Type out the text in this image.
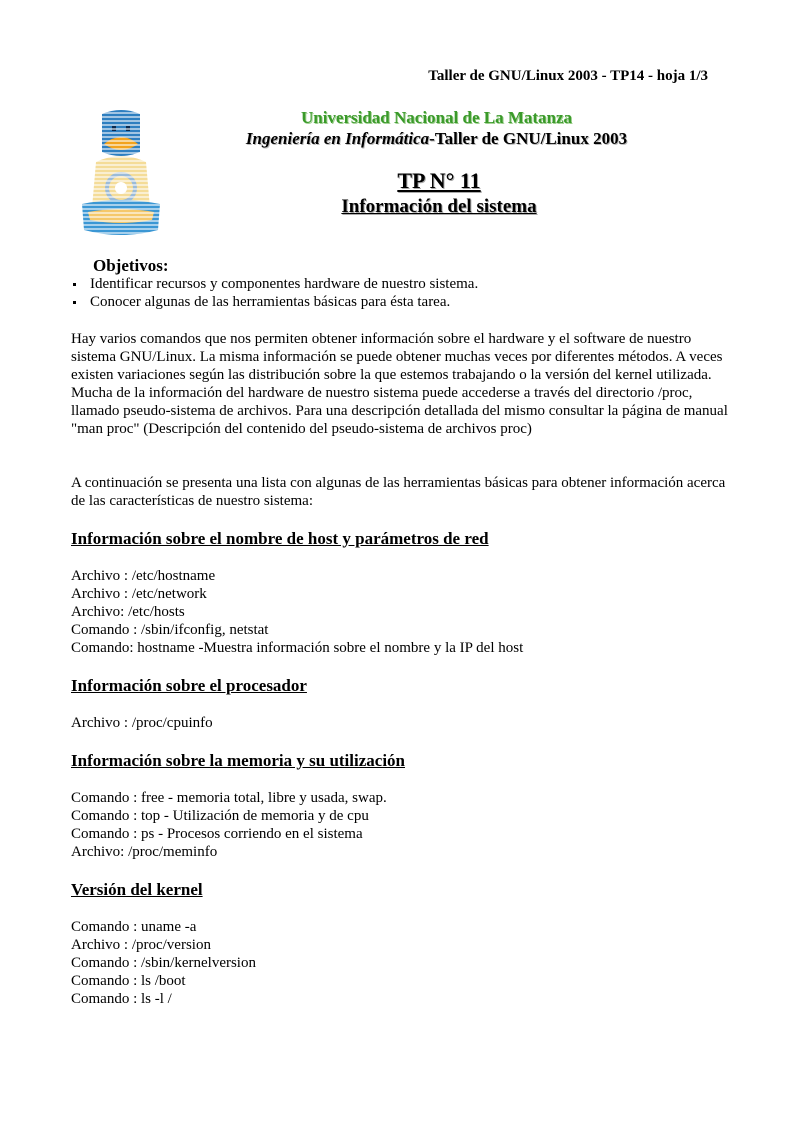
Taller de GNU/Linux 2003 - TP14 - hoja 1/3
Universidad Nacional de La Matanza
Ingeniería en Informática-Taller de GNU/Linux 2003
TP N° 11
Información del sistema
Objetivos:
Identificar recursos y componentes hardware de nuestro sistema.
Conocer algunas de las herramientas básicas para ésta tarea.
Hay varios comandos que nos permiten obtener información sobre el hardware y el software de nuestro sistema GNU/Linux. La misma información se puede obtener muchas veces por diferentes métodos. A veces existen variaciones según las distribución sobre la que estemos trabajando o la versión del kernel utilizada.
Mucha de la información del hardware de nuestro sistema puede accederse a través del directorio /proc, llamado pseudo-sistema de archivos. Para una descripción detallada del mismo consultar la página de manual "man proc" (Descripción del contenido del pseudo-sistema de archivos proc)

A continuación se presenta una lista con algunas de las herramientas básicas para obtener información acerca de las características de nuestro sistema:

Información sobre el nombre de host y parámetros de red
Archivo : /etc/hostname
Archivo : /etc/network
Archivo: /etc/hosts
Comando : /sbin/ifconfig, netstat
Comando: hostname -Muestra información sobre el nombre y la IP del host
Información sobre el procesador
Archivo : /proc/cpuinfo
Información sobre la memoria y su utilización
Comando : free - memoria total, libre y usada, swap.
Comando : top - Utilización de memoria y de cpu
Comando : ps - Procesos corriendo en el sistema
Archivo: /proc/meminfo
Versión del kernel
Comando : uname -a
Archivo : /proc/version
Comando : /sbin/kernelversion
Comando : ls /boot
Comando : ls -l /
